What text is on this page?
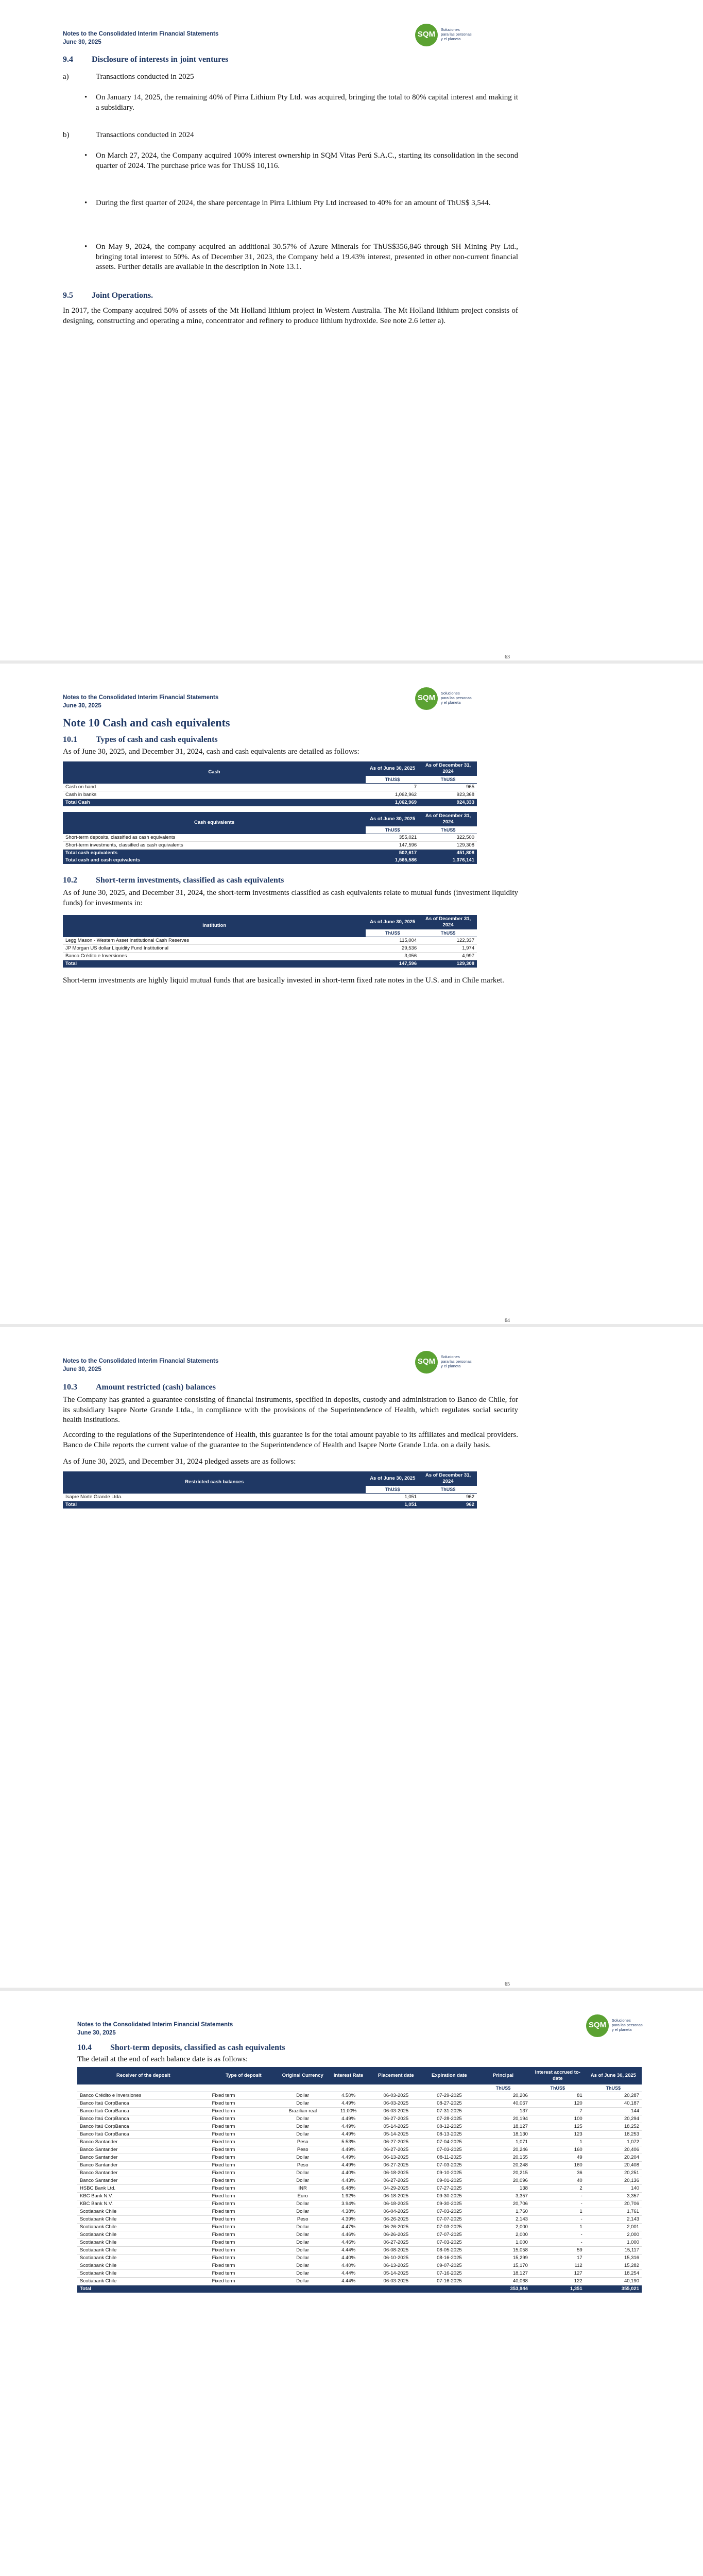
Notes to the Consolidated Interim Financial Statements
June 30, 2025
SQM
Soluciones
para las personas
y el planeta
9.4 Disclosure of interests in joint ventures
a)	Transactions conducted in 2025
• On January 14, 2025, the remaining 40% of Pirra Lithium Pty Ltd. was acquired, bringing the total to 80% capital interest and making it a subsidiary.
b)	Transactions conducted in 2024
• On March 27, 2024, the Company acquired 100% interest ownership in SQM Vitas Perú S.A.C., starting its consolidation in the second quarter of 2024. The purchase price was for ThUS$ 10,116.
• During the first quarter of 2024, the share percentage in Pirra Lithium Pty Ltd increased to 40% for an amount of ThUS$ 3,544.
• On May 9, 2024, the company acquired an additional 30.57% of Azure Minerals for ThUS$356,846 through SH Mining Pty Ltd., bringing total interest to 50%. As of December 31, 2023, the Company held a 19.43% interest, presented in other non-current financial assets. Further details are available in the description in Note 13.1.
9.5 Joint Operations.
In 2017, the Company acquired 50% of assets of the Mt Holland lithium project in Western Australia. The Mt Holland lithium project consists of designing, constructing and operating a mine, concentrator and refinery to produce lithium hydroxide. See note 2.6 letter a).
63
Notes to the Consolidated Interim Financial Statements
June 30, 2025
SQM
Soluciones
para las personas
y el planeta
Note 10 Cash and cash equivalents
10.1 Types of cash and cash equivalents
As of June 30, 2025, and December 31, 2024, cash and cash equivalents are detailed as follows:
Cash	As of June 30, 2025	As of December 31, 2024
	ThUS$	ThUS$
Cash on hand	7	965
Cash in banks	1,062,962	923,368
Total Cash	1,062,969	924,333
Cash equivalents	As of June 30, 2025	As of December 31, 2024
	ThUS$	ThUS$
Short-term deposits, classified as cash equivalents	355,021	322,500
Short-term investments, classified as cash equivalents	147,596	129,308
Total cash equivalents	502,617	451,808
Total cash and cash equivalents	1,565,586	1,376,141
10.2 Short-term investments, classified as cash equivalents
As of June 30, 2025, and December 31, 2024, the short-term investments classified as cash equivalents relate to mutual funds (investment liquidity funds) for investments in:
Institution	As of June 30, 2025	As of December 31, 2024
	ThUS$	ThUS$
Legg Mason - Western Asset Institutional Cash Reserves	115,004	122,337
JP Morgan US dollar Liquidity Fund Institutional	29,536	1,974
Banco Crédito e Inversiones	3,056	4,997
Total	147,596	129,308
Short-term investments are highly liquid mutual funds that are basically invested in short-term fixed rate notes in the U.S. and in Chile market.
64
Notes to the Consolidated Interim Financial Statements
June 30, 2025
SQM
Soluciones
para las personas
y el planeta
10.3 Amount restricted (cash) balances
The Company has granted a guarantee consisting of financial instruments, specified in deposits, custody and administration to Banco de Chile, for its subsidiary Isapre Norte Grande Ltda., in compliance with the provisions of the Superintendence of Health, which regulates social security health institutions.
According to the regulations of the Superintendence of Health, this guarantee is for the total amount payable to its affiliates and medical providers. Banco de Chile reports the current value of the guarantee to the Superintendence of Health and Isapre Norte Grande Ltda. on a daily basis.
As of June 30, 2025, and December 31, 2024 pledged assets are as follows:
Restricted cash balances	As of June 30, 2025	As of December 31, 2024
	ThUS$	ThUS$
Isapre Norte Grande Ltda.	1,051	962
Total	1,051	962
65
Notes to the Consolidated Interim Financial Statements
June 30, 2025
SQM
Soluciones
para las personas
y el planeta
10.4 Short-term deposits, classified as cash equivalents
The detail at the end of each balance date is as follows:
Receiver of the deposit	Type of deposit	Original Currency	Interest Rate	Placement date	Expiration date	Principal	Interest accrued to-date	As of June 30, 2025
						ThUS$	ThUS$	ThUS$
Banco Crédito e Inversiones	Fixed term	Dollar	4.50%	06-03-2025	07-29-2025	20,206	81	20,287
Banco Itaú CorpBanca	Fixed term	Dollar	4.49%	06-03-2025	08-27-2025	40,067	120	40,187
Banco Itaú CorpBanca	Fixed term	Brazilian real	11.00%	06-03-2025	07-31-2025	137	7	144
Banco Itaú CorpBanca	Fixed term	Dollar	4.49%	06-27-2025	07-28-2025	20,194	100	20,294
Banco Itaú CorpBanca	Fixed term	Dollar	4.49%	05-14-2025	08-12-2025	18,127	125	18,252
Banco Itaú CorpBanca	Fixed term	Dollar	4.49%	05-14-2025	08-13-2025	18,130	123	18,253
Banco Santander	Fixed term	Peso	5.53%	06-27-2025	07-04-2025	1,071	1	1,072
Banco Santander	Fixed term	Peso	4.49%	06-27-2025	07-03-2025	20,246	160	20,406
Banco Santander	Fixed term	Dollar	4.49%	06-13-2025	08-11-2025	20,155	49	20,204
Banco Santander	Fixed term	Peso	4.49%	06-27-2025	07-03-2025	20,248	160	20,408
Banco Santander	Fixed term	Dollar	4.40%	06-18-2025	09-10-2025	20,215	36	20,251
Banco Santander	Fixed term	Dollar	4.43%	06-27-2025	09-01-2025	20,096	40	20,136
HSBC Bank Ltd.	Fixed term	INR	6.48%	04-29-2025	07-27-2025	138	2	140
KBC Bank N.V.	Fixed term	Euro	1.92%	06-18-2025	09-30-2025	3,357	-	3,357
KBC Bank N.V.	Fixed term	Dollar	3.94%	06-18-2025	09-30-2025	20,706	-	20,706
Scotiabank Chile	Fixed term	Dollar	4.38%	06-04-2025	07-03-2025	1,760	1	1,761
Scotiabank Chile	Fixed term	Peso	4.39%	06-26-2025	07-07-2025	2,143	-	2,143
Scotiabank Chile	Fixed term	Dollar	4.47%	06-26-2025	07-03-2025	2,000	1	2,001
Scotiabank Chile	Fixed term	Dollar	4.46%	06-26-2025	07-07-2025	2,000	-	2,000
Scotiabank Chile	Fixed term	Dollar	4.46%	06-27-2025	07-03-2025	1,000	-	1,000
Scotiabank Chile	Fixed term	Dollar	4.44%	06-08-2025	08-05-2025	15,058	59	15,117
Scotiabank Chile	Fixed term	Dollar	4.40%	06-10-2025	08-16-2025	15,299	17	15,316
Scotiabank Chile	Fixed term	Dollar	4.40%	06-13-2025	09-07-2025	15,170	112	15,282
Scotiabank Chile	Fixed term	Dollar	4.44%	05-14-2025	07-16-2025	18,127	127	18,254
Scotiabank Chile	Fixed term	Dollar	4.44%	06-03-2025	07-16-2025	40,068	122	40,190
Total						353,944	1,351	355,021
